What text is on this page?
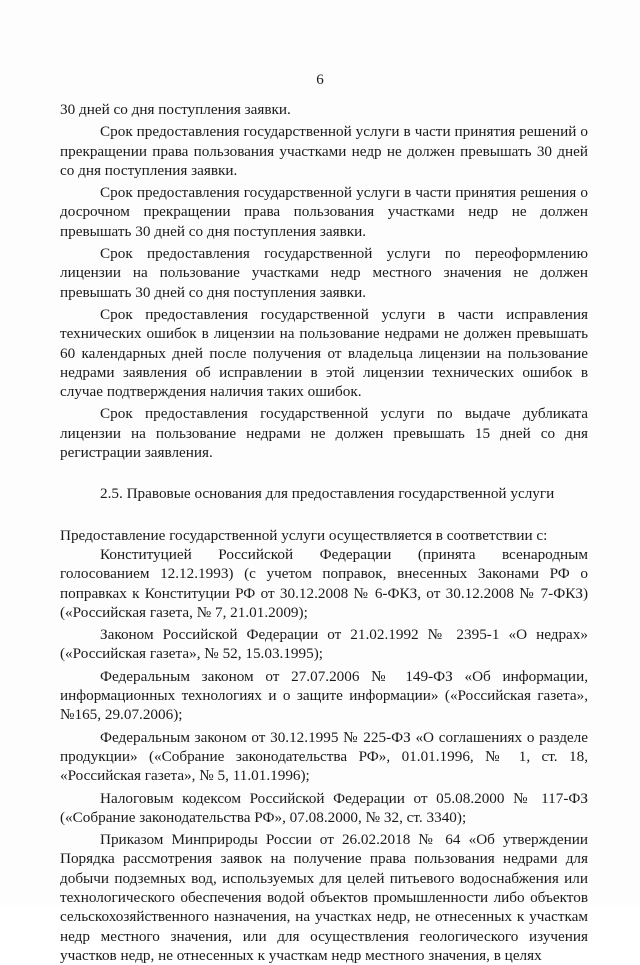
6

30 дней со дня поступления заявки.

Срок предоставления государственной услуги в части принятия решений о прекращении права пользования участками недр не должен превышать 30 дней со дня поступления заявки.

Срок предоставления государственной услуги в части принятия решения о досрочном прекращении права пользования участками недр не должен превышать 30 дней со дня поступления заявки.

Срок предоставления государственной услуги по переоформлению лицензии на пользование участками недр местного значения не должен превышать 30 дней со дня поступления заявки.

Срок предоставления государственной услуги в части исправления технических ошибок в лицензии на пользование недрами не должен превышать 60 календарных дней после получения от владельца лицензии на пользование недрами заявления об исправлении в этой лицензии технических ошибок в случае подтверждения наличия таких ошибок.

Срок предоставления государственной услуги по выдаче дубликата лицензии на пользование недрами не должен превышать 15 дней со дня регистрации заявления.

2.5. Правовые основания для предоставления государственной услуги

Предоставление государственной услуги осуществляется в соответствии с:

Конституцией Российской Федерации (принята всенародным голосованием 12.12.1993) (с учетом поправок, внесенных Законами РФ о поправках к Конституции РФ от 30.12.2008 № 6-ФКЗ, от 30.12.2008 № 7-ФКЗ) («Российская газета, № 7, 21.01.2009);

Законом Российской Федерации от 21.02.1992 № 2395-1 «О недрах» («Российская газета», № 52, 15.03.1995);

Федеральным законом от 27.07.2006 № 149-ФЗ «Об информации, информационных технологиях и о защите информации» («Российская газета», №165, 29.07.2006);

Федеральным законом от 30.12.1995 № 225-ФЗ «О соглашениях о разделе продукции» («Собрание законодательства РФ», 01.01.1996, № 1, ст. 18, «Российская газета», № 5, 11.01.1996);

Налоговым кодексом Российской Федерации от 05.08.2000 № 117-ФЗ («Собрание законодательства РФ», 07.08.2000, № 32, ст. 3340);

Приказом Минприроды России от 26.02.2018 № 64 «Об утверждении Порядка рассмотрения заявок на получение права пользования недрами для добычи подземных вод, используемых для целей питьевого водоснабжения или технологического обеспечения водой объектов промышленности либо объектов сельскохозяйственного назначения, на участках недр, не отнесенных к участкам недр местного значения, или для осуществления геологического изучения участков недр, не отнесенных к участкам недр местного значения, в целях
